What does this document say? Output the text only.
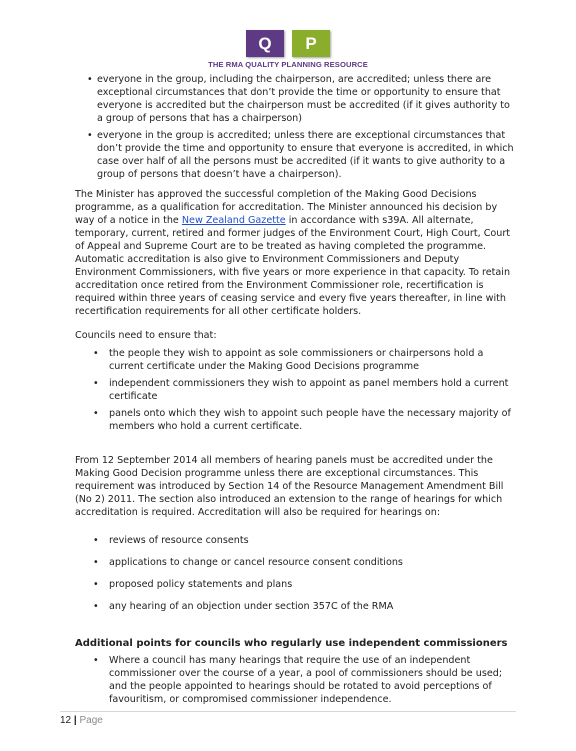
Q	P
THE RMA QUALITY PLANNING RESOURCE
• everyone in the group, including the chairperson, are accredited; unless there are exceptional circumstances that don’t provide the time or opportunity to ensure that everyone is accredited but the chairperson must be accredited (if it gives authority to a group of persons that has a chairperson)
• everyone in the group is accredited; unless there are exceptional circumstances that don’t provide the time and opportunity to ensure that everyone is accredited, in which case over half of all the persons must be accredited (if it wants to give authority to a group of persons that doesn’t have a chairperson).

The Minister has approved the successful completion of the Making Good Decisions programme, as a qualification for accreditation. The Minister announced his decision by way of a notice in the New Zealand Gazette in accordance with s39A. All alternate, temporary, current, retired and former judges of the Environment Court, High Court, Court of Appeal and Supreme Court are to be treated as having completed the programme. Automatic accreditation is also give to Environment Commissioners and Deputy Environment Commissioners, with five years or more experience in that capacity. To retain accreditation once retired from the Environment Commissioner role, recertification is required within three years of ceasing service and every five years thereafter, in line with recertification requirements for all other certificate holders.

Councils need to ensure that:

• the people they wish to appoint as sole commissioners or chairpersons hold a current certificate under the Making Good Decisions programme
• independent commissioners they wish to appoint as panel members hold a current certificate
• panels onto which they wish to appoint such people have the necessary majority of members who hold a current certificate.

From 12 September 2014 all members of hearing panels must be accredited under the Making Good Decision programme unless there are exceptional circumstances. This requirement was introduced by Section 14 of the Resource Management Amendment Bill (No 2) 2011. The section also introduced an extension to the range of hearings for which accreditation is required. Accreditation will also be required for hearings on:

• reviews of resource consents
• applications to change or cancel resource consent conditions
• proposed policy statements and plans
• any hearing of an objection under section 357C of the RMA

Additional points for councils who regularly use independent commissioners

• Where a council has many hearings that require the use of an independent commissioner over the course of a year, a pool of commissioners should be used; and the people appointed to hearings should be rotated to avoid perceptions of favouritism, or compromised commissioner independence.
12 | Page
